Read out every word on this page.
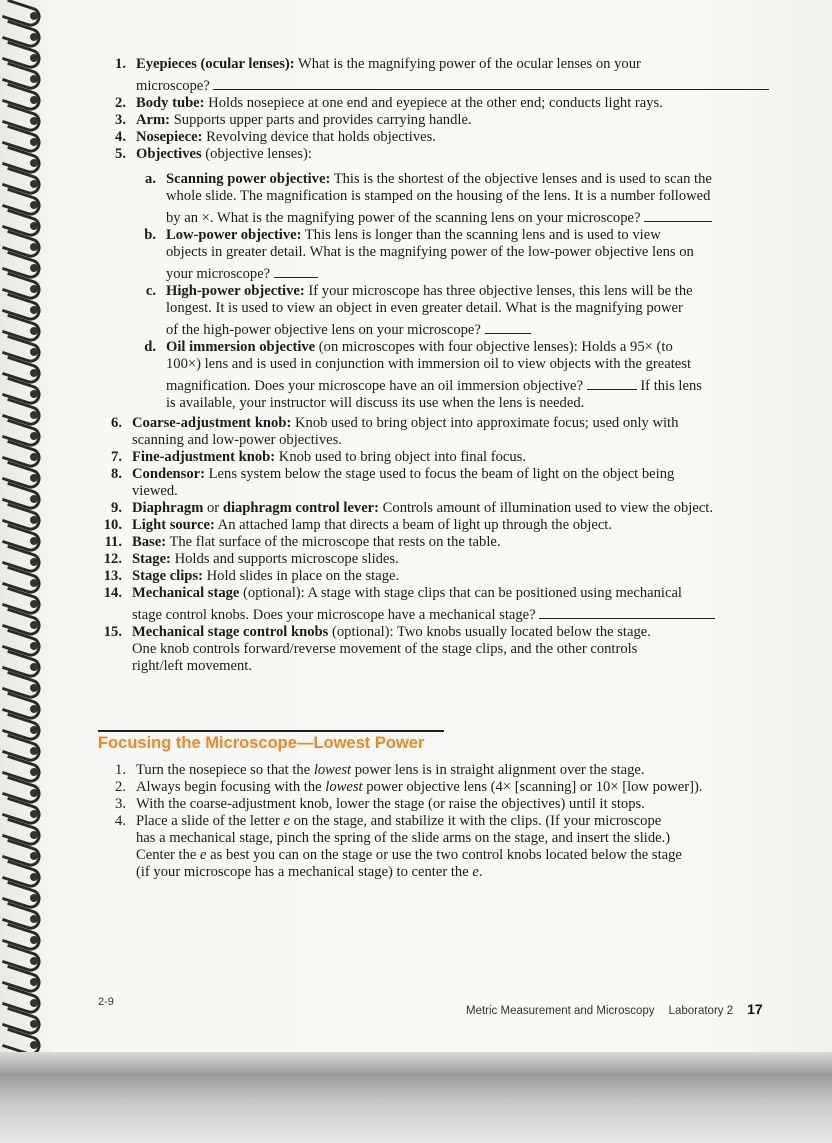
1. Eyepieces (ocular lenses): What is the magnifying power of the ocular lenses on your
microscope?
2. Body tube: Holds nosepiece at one end and eyepiece at the other end; conducts light rays.
3. Arm: Supports upper parts and provides carrying handle.
4. Nosepiece: Revolving device that holds objectives.
5. Objectives (objective lenses):
a. Scanning power objective: This is the shortest of the objective lenses and is used to scan the
whole slide. The magnification is stamped on the housing of the lens. It is a number followed
by an ×. What is the magnifying power of the scanning lens on your microscope?
b. Low-power objective: This lens is longer than the scanning lens and is used to view
objects in greater detail. What is the magnifying power of the low-power objective lens on
your microscope?
c. High-power objective: If your microscope has three objective lenses, this lens will be the
longest. It is used to view an object in even greater detail. What is the magnifying power
of the high-power objective lens on your microscope?
d. Oil immersion objective (on microscopes with four objective lenses): Holds a 95× (to
100×) lens and is used in conjunction with immersion oil to view objects with the greatest
magnification. Does your microscope have an oil immersion objective?	If this lens
is available, your instructor will discuss its use when the lens is needed.
6. Coarse-adjustment knob: Knob used to bring object into approximate focus; used only with
scanning and low-power objectives.
7. Fine-adjustment knob: Knob used to bring object into final focus.
8. Condensor: Lens system below the stage used to focus the beam of light on the object being
viewed.
9. Diaphragm or diaphragm control lever: Controls amount of illumination used to view the object.
10. Light source: An attached lamp that directs a beam of light up through the object.
11. Base: The flat surface of the microscope that rests on the table.
12. Stage: Holds and supports microscope slides.
13. Stage clips: Hold slides in place on the stage.
14. Mechanical stage (optional): A stage with stage clips that can be positioned using mechanical
stage control knobs. Does your microscope have a mechanical stage?
15. Mechanical stage control knobs (optional): Two knobs usually located below the stage.
One knob controls forward/reverse movement of the stage clips, and the other controls
right/left movement.
Focusing the Microscope—Lowest Power
1. Turn the nosepiece so that the lowest power lens is in straight alignment over the stage.
2. Always begin focusing with the lowest power objective lens (4× [scanning] or 10× [low power]).
3. With the coarse-adjustment knob, lower the stage (or raise the objectives) until it stops.
4. Place a slide of the letter e on the stage, and stabilize it with the clips. (If your microscope
has a mechanical stage, pinch the spring of the slide arms on the stage, and insert the slide.)
Center the e as best you can on the stage or use the two control knobs located below the stage
(if your microscope has a mechanical stage) to center the e.
2-9
Metric Measurement and Microscopy Laboratory 2 17
